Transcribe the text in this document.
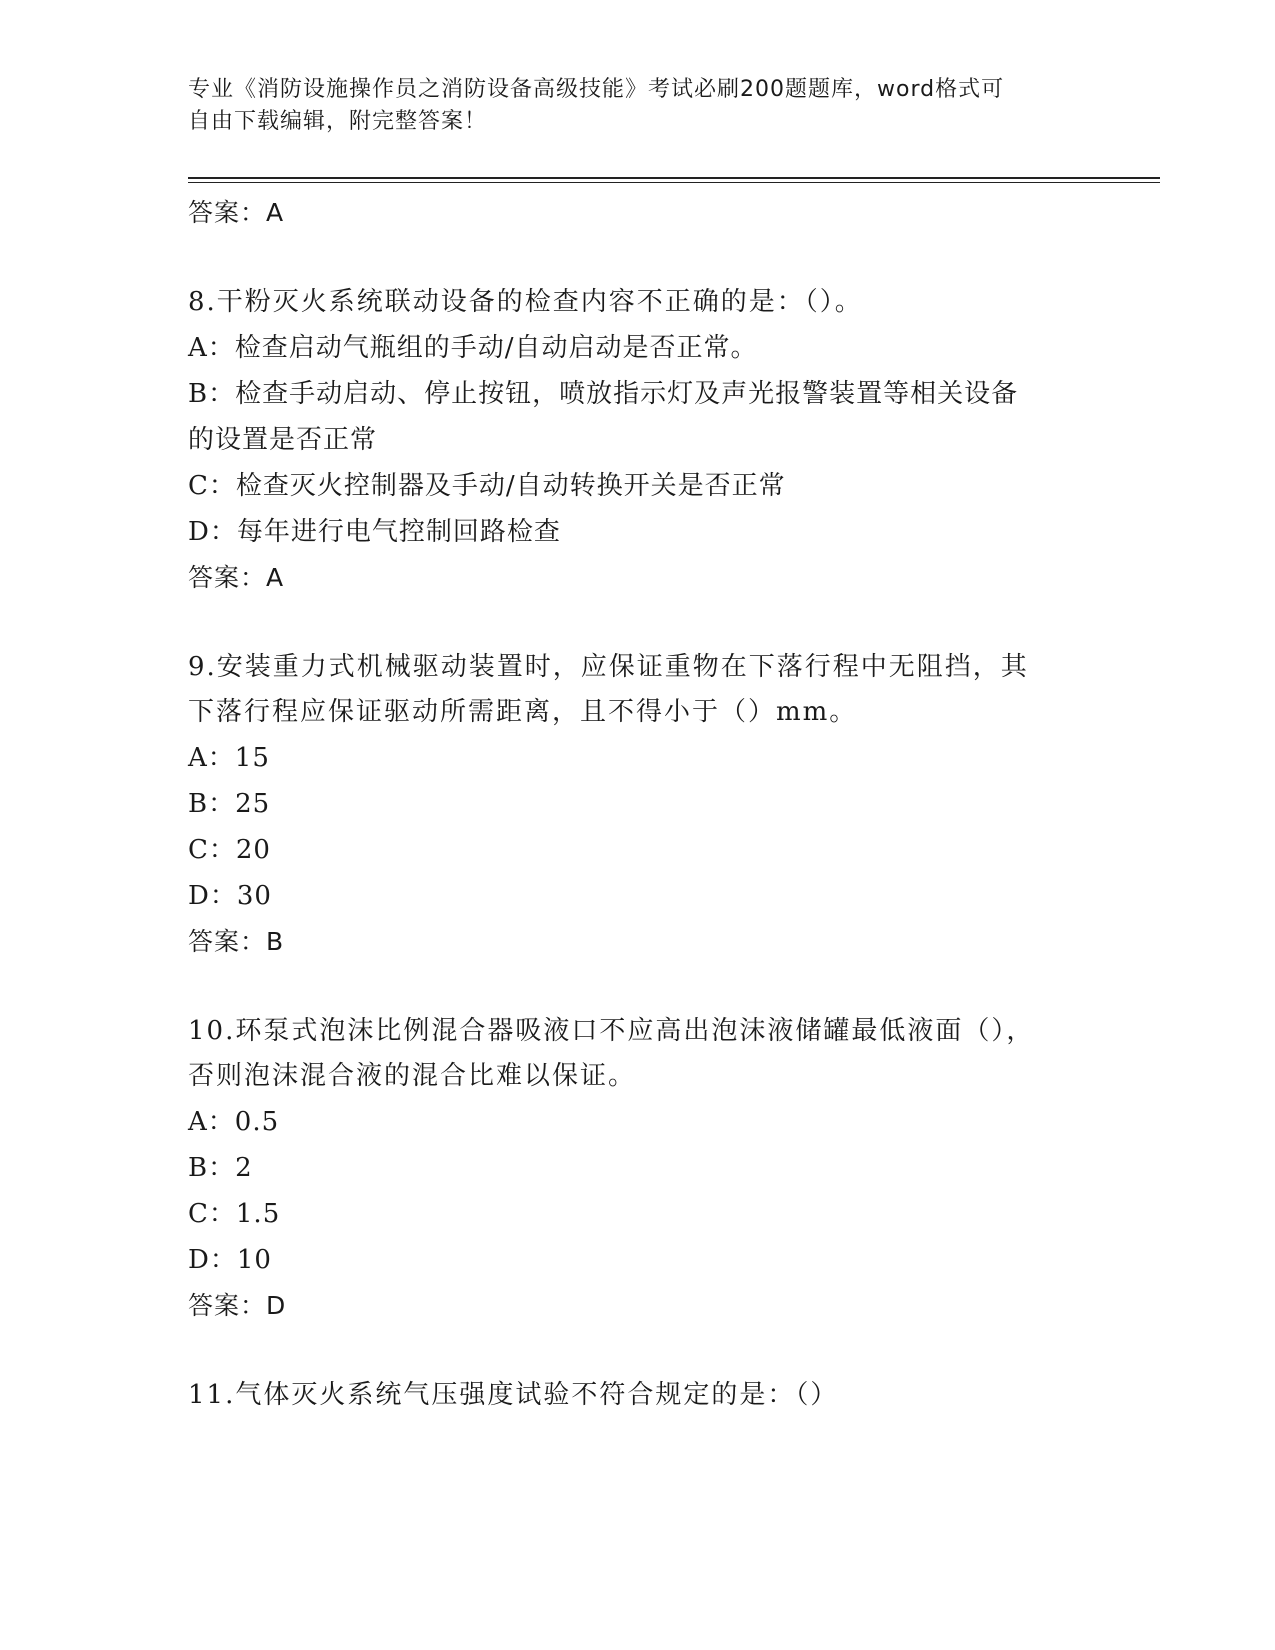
专业《消防设施操作员之消防设备高级技能》考试必刷200题题库，word格式可
自由下载编辑，附完整答案！
答案：A
8.干粉灭火系统联动设备的检查内容不正确的是：（）。
A：检查启动气瓶组的手动/自动启动是否正常。
B：检查手动启动、停止按钮，喷放指示灯及声光报警装置等相关设备
的设置是否正常
C：检查灭火控制器及手动/自动转换开关是否正常
D：每年进行电气控制回路检查
答案：A
9.安装重力式机械驱动装置时，应保证重物在下落行程中无阻挡，其
下落行程应保证驱动所需距离，且不得小于（）mm。
A：15
B：25
C：20
D：30
答案：B
10.环泵式泡沫比例混合器吸液口不应高出泡沫液储罐最低液面（），
否则泡沫混合液的混合比难以保证。
A：0.5
B：2
C：1.5
D：10
答案：D
11.气体灭火系统气压强度试验不符合规定的是：（）
